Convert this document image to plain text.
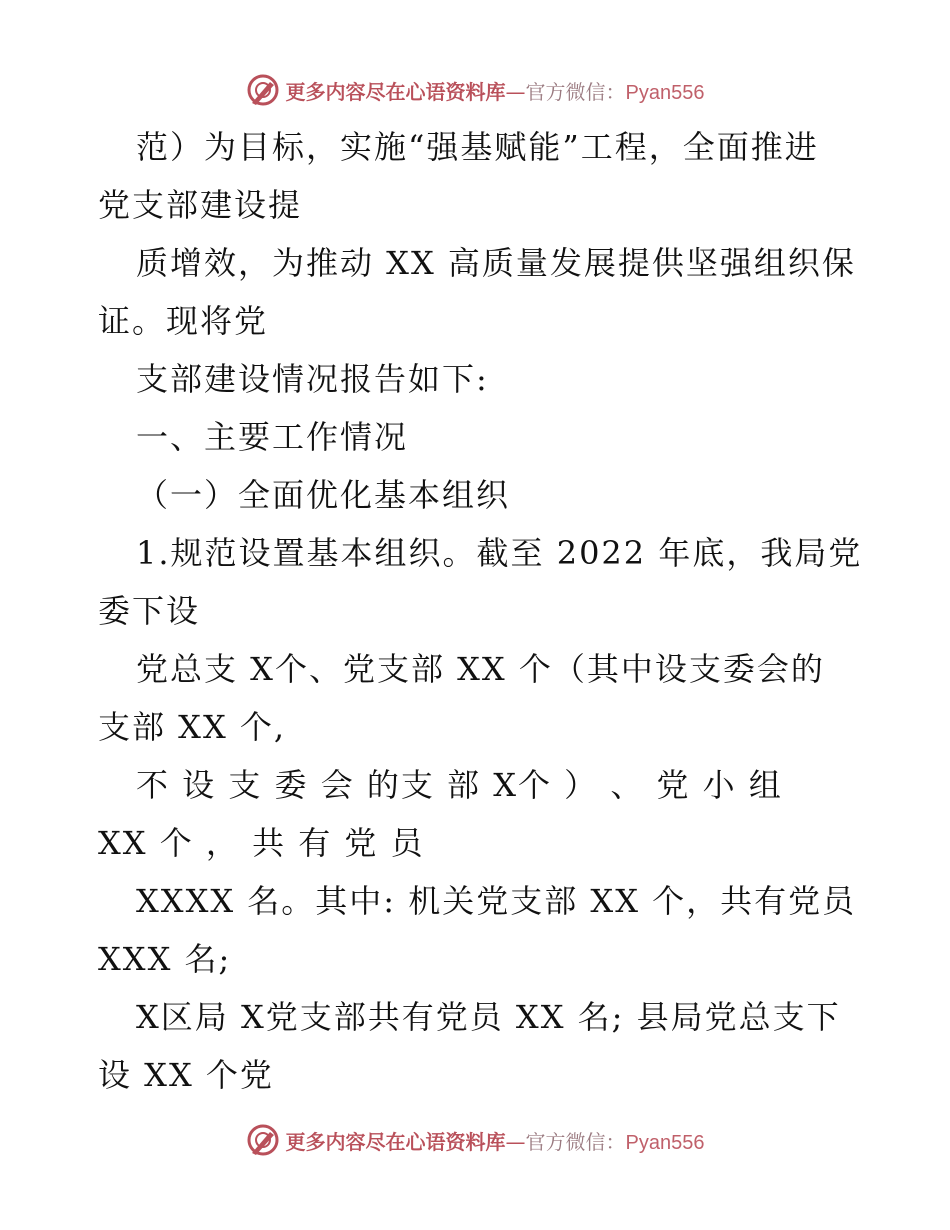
更多内容尽在心语资料库—官方微信：Pyan556
范）为目标，实施“强基赋能”工程，全面推进
党支部建设提
质增效，为推动 XX 高质量发展提供坚强组织保
证。现将党
支部建设情况报告如下:
一、主要工作情况
（一）全面优化基本组织
1.规范设置基本组织。截至 2022 年底，我局党
委下设
党总支 X个、党支部 XX 个（其中设支委会的
支部 XX 个,
不 设 支 委 会 的支 部 X个 ） 、 党 小 组
XX 个 ， 共 有 党 员
XXXX 名。其中: 机关党支部 XX 个，共有党员
XXX 名;
X区局 X党支部共有党员 XX 名; 县局党总支下
设 XX 个党
更多内容尽在心语资料库—官方微信：Pyan556
